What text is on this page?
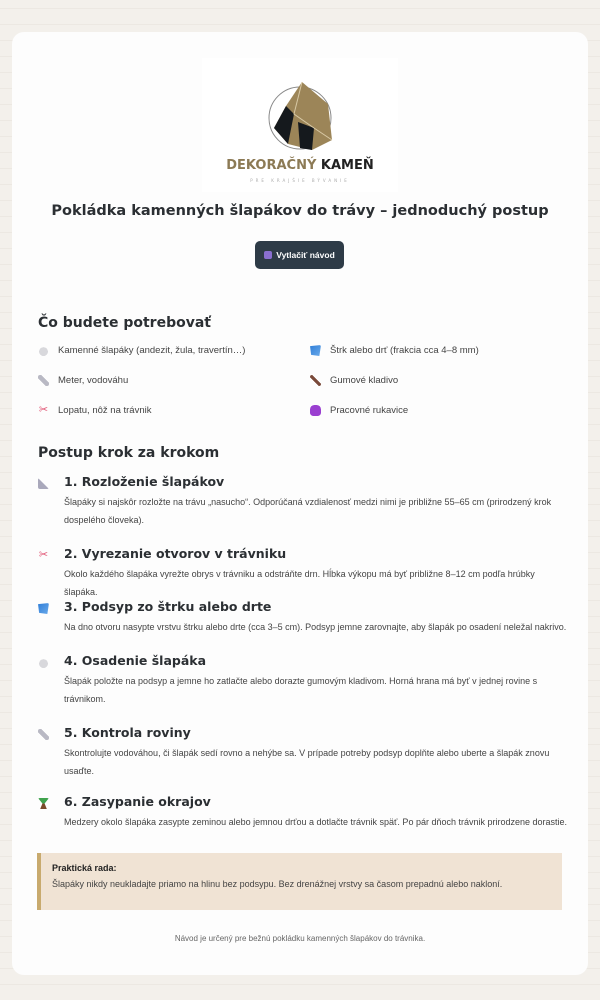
DEKORAČNÝ KAMEŇ
PRE KRAJŠIE BÝVANIE
Pokládka kamenných šlapákov do trávy – jednoduchý postup
Vytlačiť návod
Čo budete potrebovať
Kamenné šlapáky (andezit, žula, travertín…)	Štrk alebo drť (frakcia cca 4–8 mm)
Meter, vodováhu	Gumové kladivo
✂ Lopatu, nôž na trávnik	Pracovné rukavice
Postup krok za krokom
1. Rozloženie šlapákov

Šlapáky si najskôr rozložte na trávu „nasucho“. Odporúčaná vzdialenosť medzi nimi je približne 55–65 cm (prirodzený krok dospelého človeka).

✂ 2. Vyrezanie otvorov v trávniku

Okolo každého šlapáka vyrežte obrys v trávniku a odstráňte drn. Hĺbka výkopu má byť približne 8–12 cm podľa hrúbky šlapáka.

3. Podsyp zo štrku alebo drte

Na dno otvoru nasypte vrstvu štrku alebo drte (cca 3–5 cm). Podsyp jemne zarovnajte, aby šlapák po osadení neležal nakrivo.

4. Osadenie šlapáka

Šlapák položte na podsyp a jemne ho zatlačte alebo dorazte gumovým kladivom. Horná hrana má byť v jednej rovine s trávnikom.

5. Kontrola roviny

Skontrolujte vodováhou, či šlapák sedí rovno a nehýbe sa. V prípade potreby podsyp doplňte alebo uberte a šlapák znovu usaďte.

6. Zasypanie okrajov

Medzery okolo šlapáka zasypte zeminou alebo jemnou drťou a dotlačte trávnik späť. Po pár dňoch trávnik prirodzene dorastie.

Praktická rada:
Šlapáky nikdy neukladajte priamo na hlinu bez podsypu. Bez drenážnej vrstvy sa časom prepadnú alebo nakloní.
Návod je určený pre bežnú pokládku kamenných šlapákov do trávnika.
